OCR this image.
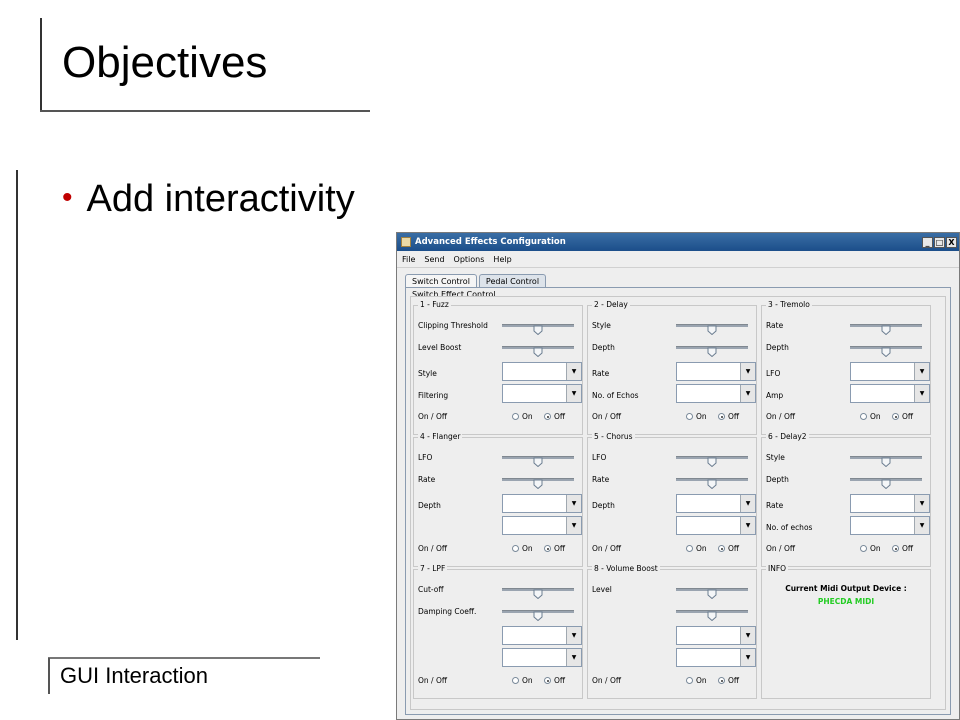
Objectives
• Add interactivity
GUI Interaction
Advanced Effects Configuration	_ □ X
File Send Options Help
Switch Control	Pedal Control
Switch Effect Control
1 - Fuzz
Clipping Threshold
Level Boost
Style	▼
Filtering	▼
On / Off	On	Off
2 - Delay
Style
Depth
Rate	▼
No. of Echos	▼
On / Off	On	Off
3 - Tremolo
Rate
Depth
LFO	▼
Amp	▼
On / Off	On	Off
4 - Flanger
LFO
Rate
Depth	▼
▼
On / Off	On	Off
5 - Chorus
LFO
Rate
Depth	▼
▼
On / Off	On	Off
6 - Delay2
Style
Depth
Rate	▼
No. of echos	▼
On / Off	On	Off
7 - LPF
Cut-off
Damping Coeff.
▼
▼
On / Off	On	Off
8 - Volume Boost
Level
▼
▼
On / Off	On	Off
INFO
Current Midi Output Device :
PHECDA MIDI
